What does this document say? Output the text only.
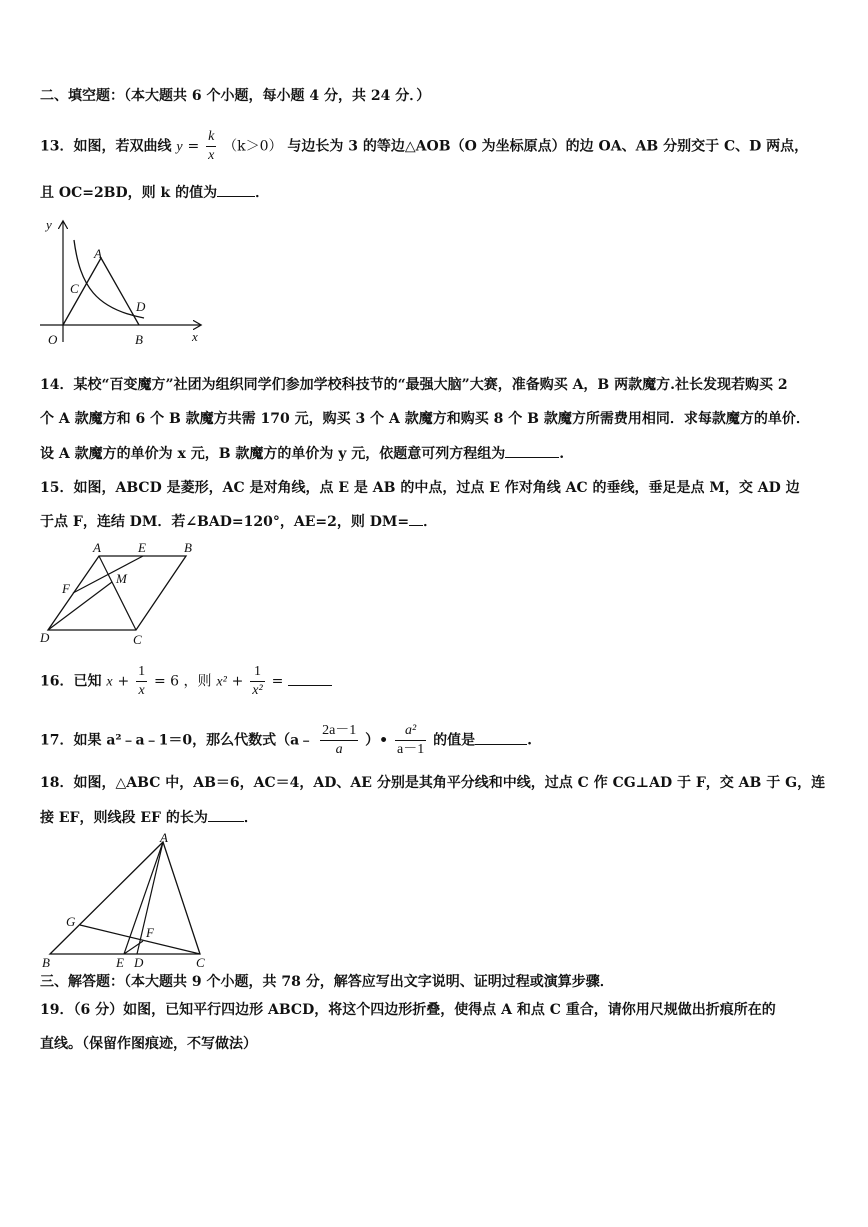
二、填空题：（本大题共 6 个小题，每小题 4 分，共 24 分．）
13．如图，若双曲线 $y = \frac{k}{x} (k>0)$ 与边长为 3 的等边△AOB（O 为坐标原点）的边 OA、AB 分别交于 C、D 两点，
且 OC=2BD，则 k 的值为	．
y
x
O
A
B
C
D
14．某校“百变魔方”社团为组织同学们参加学校科技节的“最强大脑”大赛，准备购买 A，B 两款魔方.社长发现若购买 2
个 A 款魔方和 6 个 B 款魔方共需 170 元，购买 3 个 A 款魔方和购买 8 个 B 款魔方所需费用相同．求每款魔方的单价．
设 A 款魔方的单价为 x 元，B 款魔方的单价为 y 元，依题意可列方程组为	.
15．如图，ABCD 是菱形，AC 是对角线，点 E 是 AB 的中点，过点 E 作对角线 AC 的垂线，垂足是点 M，交 AD 边
于点 F，连结 DM．若∠BAD=120°，AE=2，则 DM= ．
A	E	B
F
M
D	C
16．已知 $x + \frac{1}{x} = 6$ ，则 $x^2 + \frac{1}{\text{x²}}$ =
17．如果 a²﹣a﹣1＝0，那么代数式（a﹣ $\frac{2a-1}{a}$ ）• $\frac{\text{a²}}{a-1}$ 的值是	.
18．如图，△ABC 中，AB＝6，AC＝4，AD、AE 分别是其角平分线和中线，过点 C 作 CG⊥AD 于 F，交 AB 于 G，连
接 EF，则线段 EF 的长为	．
A
G
F
B	E D	C
三、解答题：（本大题共 9 个小题，共 78 分，解答应写出文字说明、证明过程或演算步骤．
19．（6 分）如图，已知平行四边形 ABCD，将这个四边形折叠，使得点 A 和点 C 重合，请你用尺规做出折痕所在的
直线。（保留作图痕迹，不写做法）
